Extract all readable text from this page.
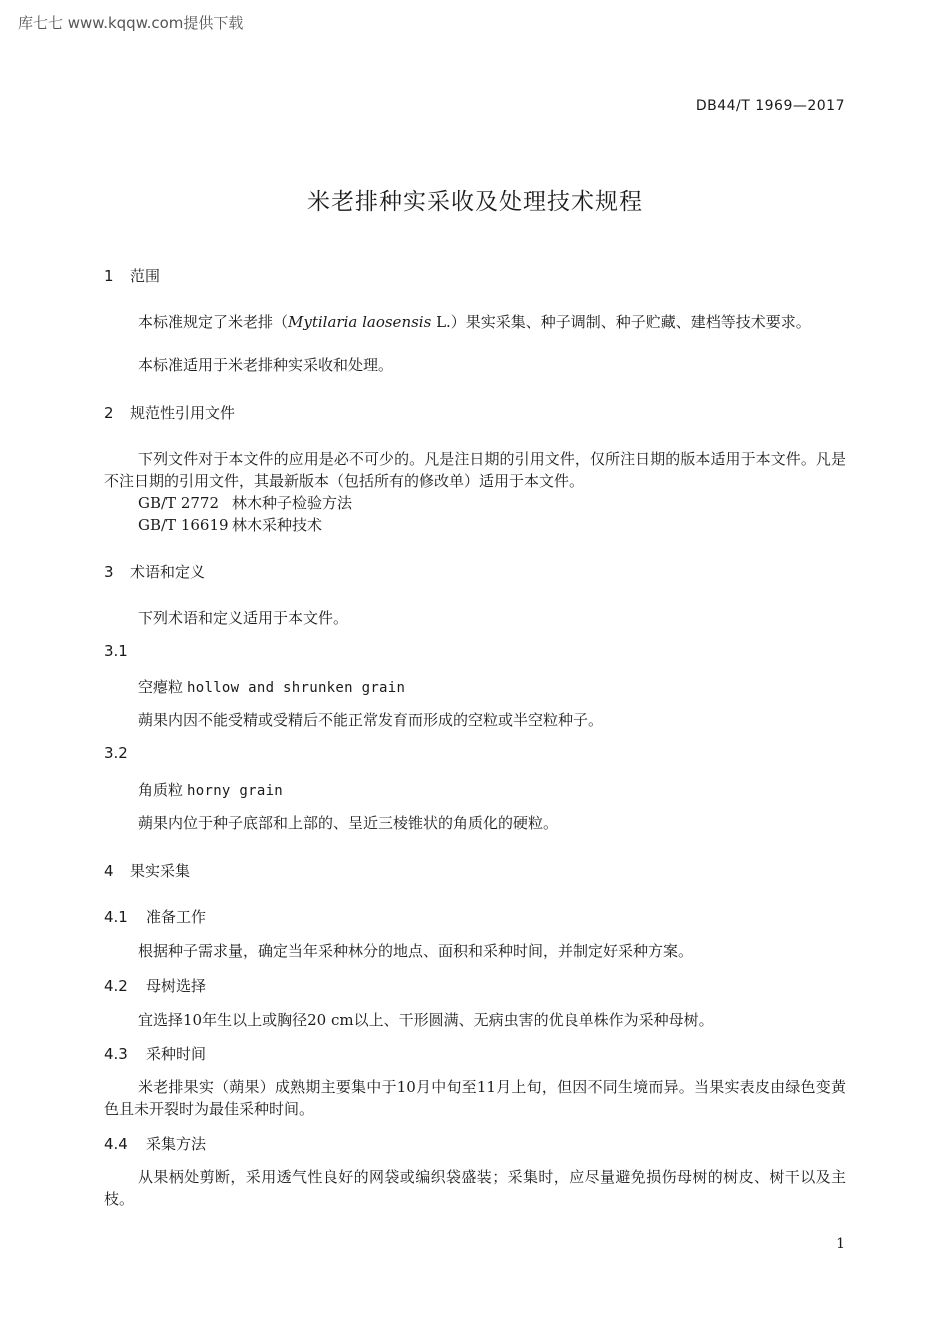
库七七 www.kqqw.com提供下载
DB44/T 1969—2017
米老排种实采收及处理技术规程
1 范围
本标准规定了米老排（Mytilaria laosensis L.）果实采集、种子调制、种子贮藏、建档等技术要求。
本标准适用于米老排种实采收和处理。
2 规范性引用文件
下列文件对于本文件的应用是必不可少的。凡是注日期的引用文件，仅所注日期的版本适用于本文件。凡是不注日期的引用文件，其最新版本（包括所有的修改单）适用于本文件。
GB/T 2772 林木种子检验方法
GB/T 16619 林木采种技术
3 术语和定义
下列术语和定义适用于本文件。
3.1
空瘪粒 hollow and shrunken grain
蒴果内因不能受精或受精后不能正常发育而形成的空粒或半空粒种子。
3.2
角质粒 horny grain
蒴果内位于种子底部和上部的、呈近三棱锥状的角质化的硬粒。
4 果实采集
4.1 准备工作
根据种子需求量，确定当年采种林分的地点、面积和采种时间，并制定好采种方案。
4.2 母树选择
宜选择10年生以上或胸径20 cm以上、干形圆满、无病虫害的优良单株作为采种母树。
4.3 采种时间
米老排果实（蒴果）成熟期主要集中于10月中旬至11月上旬，但因不同生境而异。当果实表皮由绿色变黄色且未开裂时为最佳采种时间。
4.4 采集方法
从果柄处剪断，采用透气性良好的网袋或编织袋盛装；采集时，应尽量避免损伤母树的树皮、树干以及主枝。
1
